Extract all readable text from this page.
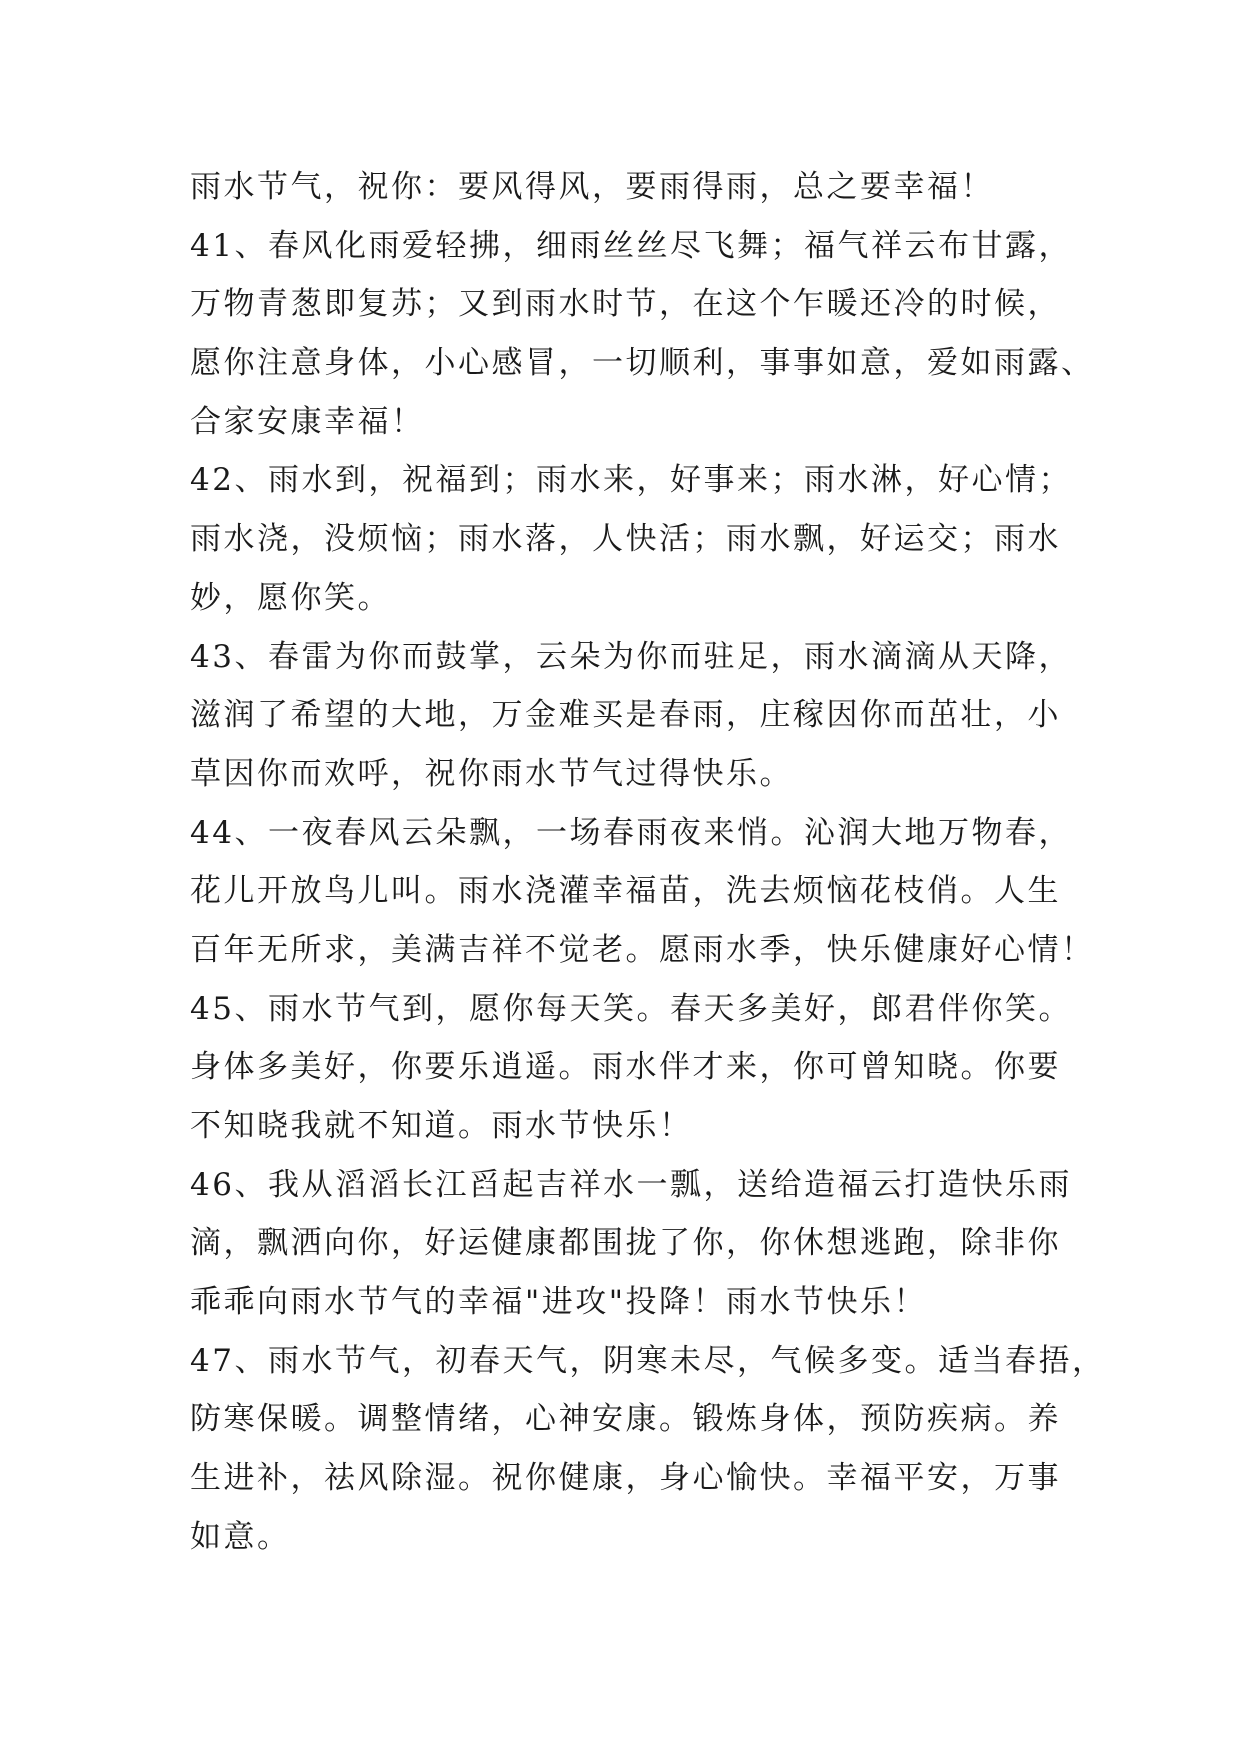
雨水节气，祝你：要风得风，要雨得雨，总之要幸福！
41、春风化雨爱轻拂，细雨丝丝尽飞舞；福气祥云布甘露，
万物青葱即复苏；又到雨水时节，在这个乍暖还冷的时候，
愿你注意身体，小心感冒，一切顺利，事事如意，爱如雨露、
合家安康幸福！
42、雨水到，祝福到；雨水来，好事来；雨水淋，好心情；
雨水浇，没烦恼；雨水落，人快活；雨水飘，好运交；雨水
妙，愿你笑。
43、春雷为你而鼓掌，云朵为你而驻足，雨水滴滴从天降，
滋润了希望的大地，万金难买是春雨，庄稼因你而茁壮，小
草因你而欢呼，祝你雨水节气过得快乐。
44、一夜春风云朵飘，一场春雨夜来悄。沁润大地万物春，
花儿开放鸟儿叫。雨水浇灌幸福苗，洗去烦恼花枝俏。人生
百年无所求，美满吉祥不觉老。愿雨水季，快乐健康好心情！
45、雨水节气到，愿你每天笑。春天多美好，郎君伴你笑。
身体多美好，你要乐逍遥。雨水伴才来，你可曾知晓。你要
不知晓我就不知道。雨水节快乐！
46、我从滔滔长江舀起吉祥水一瓢，送给造福云打造快乐雨
滴，飘洒向你，好运健康都围拢了你，你休想逃跑，除非你
乖乖向雨水节气的幸福"进攻"投降！雨水节快乐！
47、雨水节气，初春天气，阴寒未尽，气候多变。适当春捂，
防寒保暖。调整情绪，心神安康。锻炼身体，预防疾病。养
生进补，祛风除湿。祝你健康，身心愉快。幸福平安，万事
如意。
